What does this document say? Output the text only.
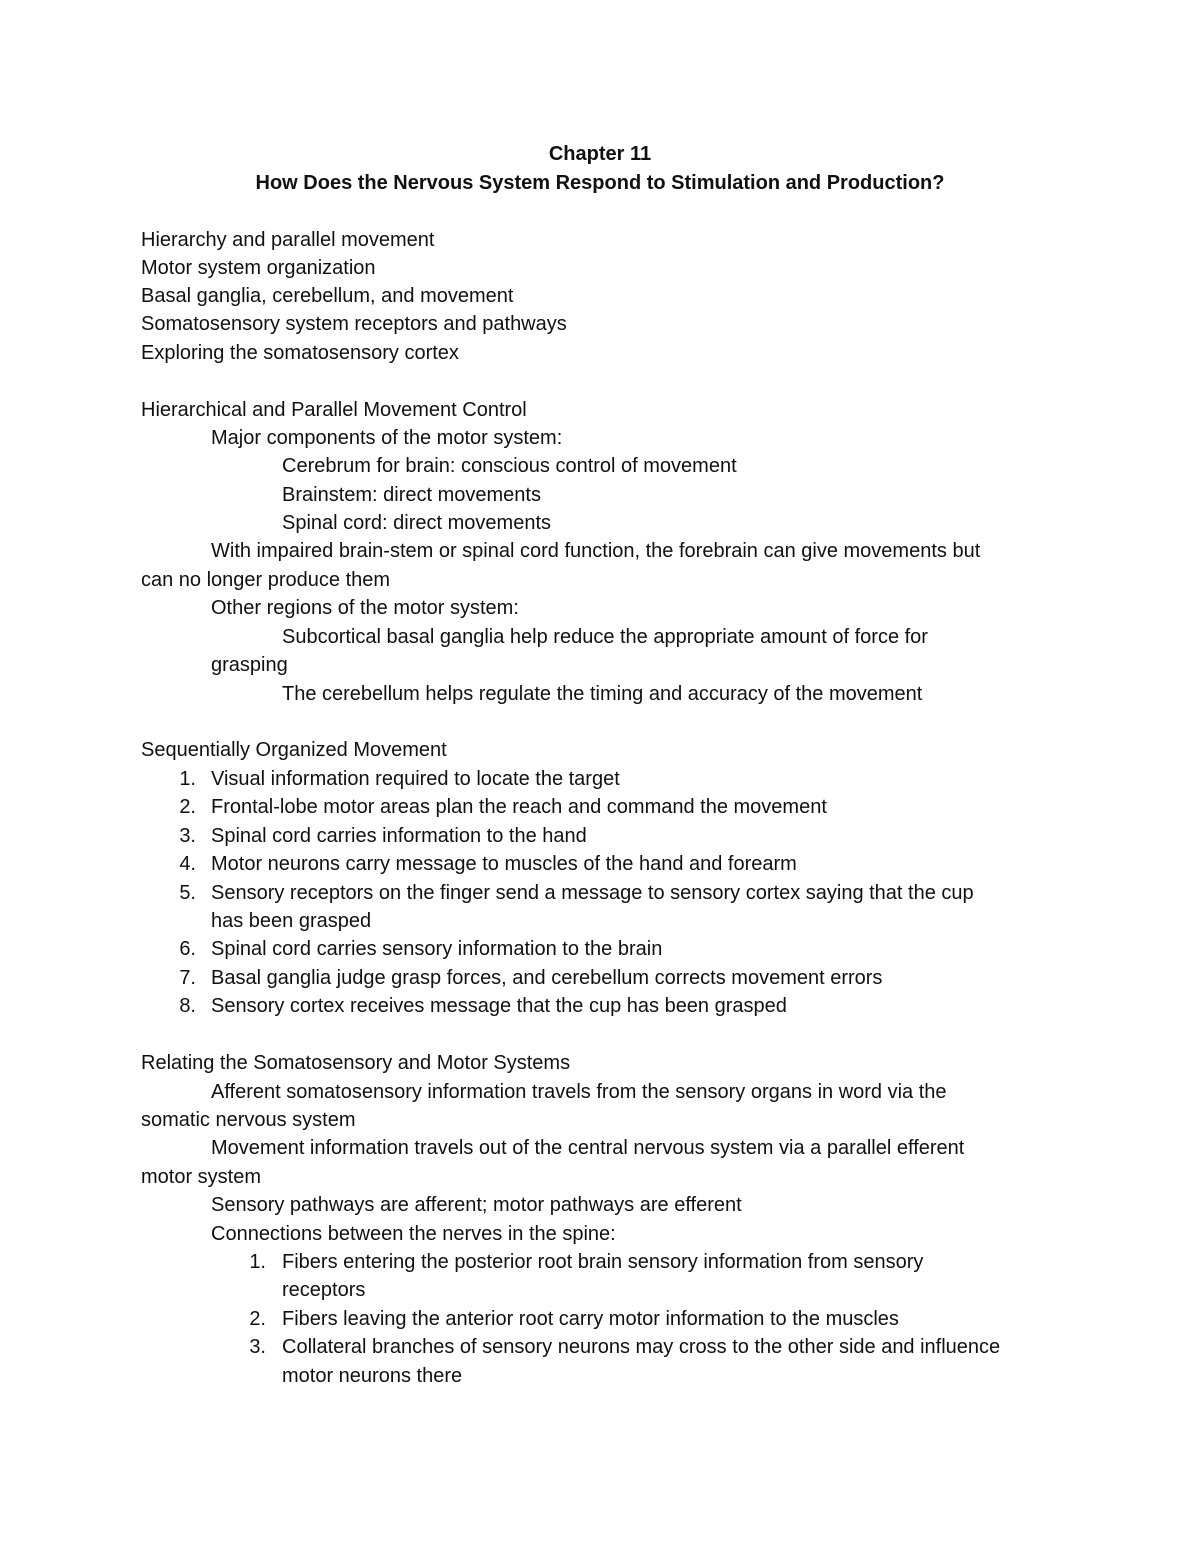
Chapter 11
How Does the Nervous System Respond to Stimulation and Production?
Hierarchy and parallel movement
Motor system organization
Basal ganglia, cerebellum, and movement
Somatosensory system receptors and pathways
Exploring the somatosensory cortex
Hierarchical and Parallel Movement Control
Major components of the motor system:
Cerebrum for brain: conscious control of movement
Brainstem: direct movements
Spinal cord: direct movements
With impaired brain-stem or spinal cord function, the forebrain can give movements but
can no longer produce them
Other regions of the motor system:
Subcortical basal ganglia help reduce the appropriate amount of force for
grasping
The cerebellum helps regulate the timing and accuracy of the movement
Sequentially Organized Movement
1. Visual information required to locate the target
2. Frontal-lobe motor areas plan the reach and command the movement
3. Spinal cord carries information to the hand
4. Motor neurons carry message to muscles of the hand and forearm
5. Sensory receptors on the finger send a message to sensory cortex saying that the cup
has been grasped
6. Spinal cord carries sensory information to the brain
7. Basal ganglia judge grasp forces, and cerebellum corrects movement errors
8. Sensory cortex receives message that the cup has been grasped
Relating the Somatosensory and Motor Systems
Afferent somatosensory information travels from the sensory organs in word via the
somatic nervous system
Movement information travels out of the central nervous system via a parallel efferent
motor system
Sensory pathways are afferent; motor pathways are efferent
Connections between the nerves in the spine:
1. Fibers entering the posterior root brain sensory information from sensory
receptors
2. Fibers leaving the anterior root carry motor information to the muscles
3. Collateral branches of sensory neurons may cross to the other side and influence
motor neurons there
